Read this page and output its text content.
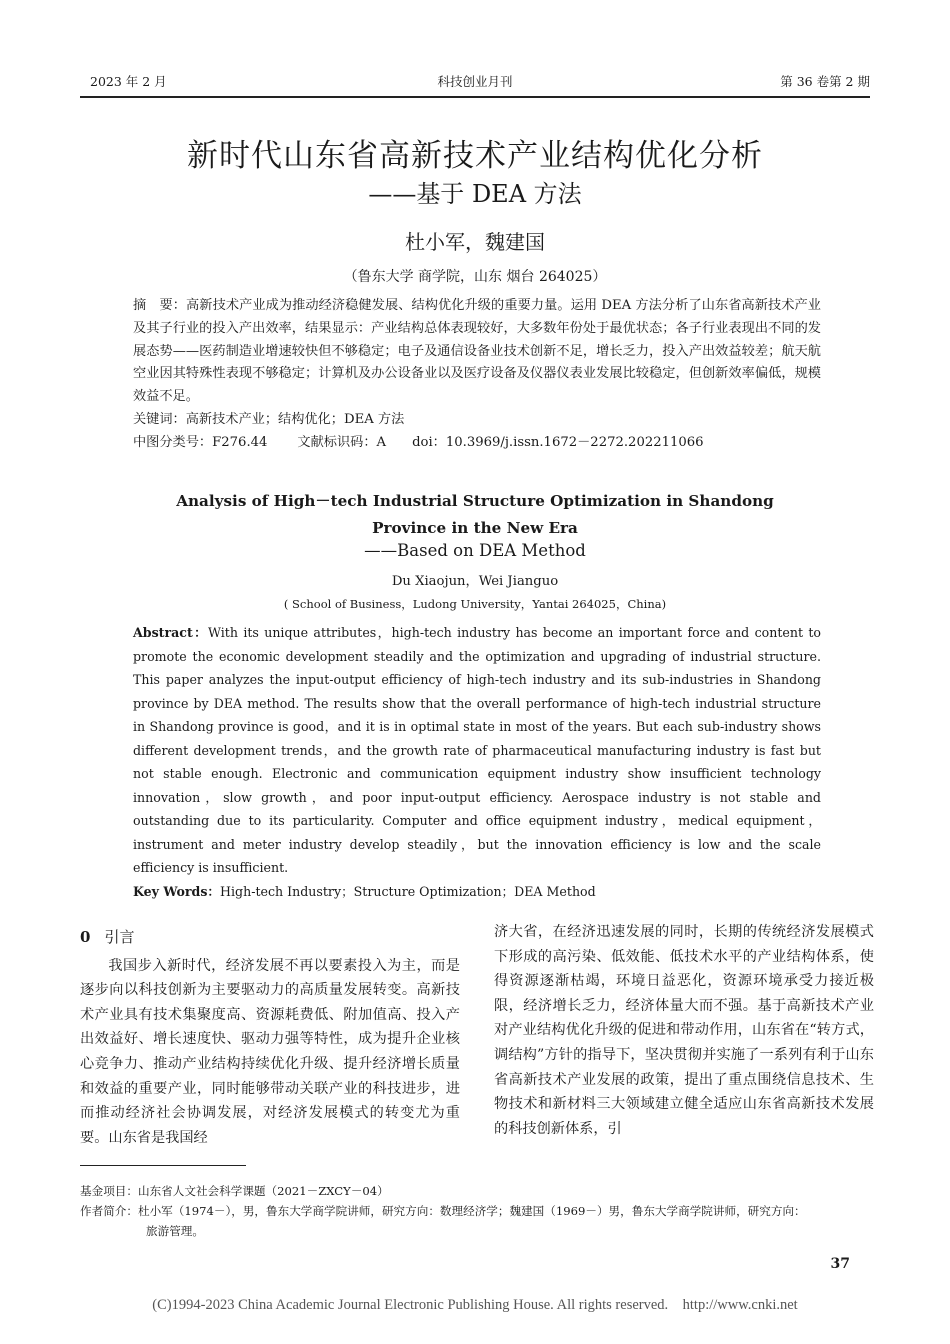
2023 年 2 月	科技创业月刊	第 36 卷第 2 期
新时代山东省高新技术产业结构优化分析
——基于 DEA 方法
杜小军，魏建国
（鲁东大学 商学院，山东 烟台 264025）

摘　要：高新技术产业成为推动经济稳健发展、结构优化升级的重要力量。运用 DEA 方法分析了山东省高新技术产业及其子行业的投入产出效率，结果显示：产业结构总体表现较好，大多数年份处于最优状态；各子行业表现出不同的发展态势——医药制造业增速较快但不够稳定；电子及通信设备业技术创新不足，增长乏力，投入产出效益较差；航天航空业因其特殊性表现不够稳定；计算机及办公设备业以及医疗设备及仪器仪表业发展比较稳定，但创新效率偏低，规模效益不足。

关键词：高新技术产业；结构优化；DEA 方法

中图分类号：F276.44 文献标识码：A doi：10.3969/j.issn.1672－2272.202211066

Analysis of High－tech Industrial Structure Optimization in Shandong
Province in the New Era
——Based on DEA Method
Du Xiaojun，Wei Jianguo
( School of Business，Ludong University，Yantai 264025，China)

Abstract：With its unique attributes，high-tech industry has become an important force and content to promote the economic development steadily and the optimization and upgrading of industrial structure. This paper analyzes the input-output efficiency of high-tech industry and its sub-industries in Shandong province by DEA method. The results show that the overall performance of high-tech industrial structure in Shandong province is good，and it is in optimal state in most of the years. But each sub-industry shows different development trends，and the growth rate of pharmaceutical manufacturing industry is fast but not stable enough. Electronic and communication equipment industry show insufficient technology innovation，slow growth，and poor input-output efficiency. Aerospace industry is not stable and outstanding due to its particularity. Computer and office equipment industry，medical equipment，instrument and meter industry develop steadily，but the innovation efficiency is low and the scale efficiency is insufficient.

Key Words：High-tech Industry；Structure Optimization；DEA Method

0 引言

我国步入新时代，经济发展不再以要素投入为主，而是逐步向以科技创新为主要驱动力的高质量发展转变。高新技术产业具有技术集聚度高、资源耗费低、附加值高、投入产出效益好、增长速度快、驱动力强等特性，成为提升企业核心竞争力、推动产业结构持续优化升级、提升经济增长质量和效益的重要产业，同时能够带动关联产业的科技进步，进而推动经济社会协调发展，对经济发展模式的转变尤为重要。山东省是我国经

济大省，在经济迅速发展的同时，长期的传统经济发展模式下形成的高污染、低效能、低技术水平的产业结构体系，使得资源逐渐枯竭，环境日益恶化，资源环境承受力接近极限，经济增长乏力，经济体量大而不强。基于高新技术产业对产业结构优化升级的促进和带动作用，山东省在“转方式，调结构”方针的指导下，坚决贯彻并实施了一系列有利于山东省高新技术产业发展的政策，提出了重点围绕信息技术、生物技术和新材料三大领域建立健全适应山东省高新技术发展的科技创新体系，引

基金项目：山东省人文社会科学课题（2021－ZXCY－04）

作者简介：杜小军（1974－），男，鲁东大学商学院讲师，研究方向：数理经济学；魏建国（1969－）男，鲁东大学商学院讲师，研究方向：

旅游管理。

37
(C)1994-2023 China Academic Journal Electronic Publishing House. All rights reserved.    http://www.cnki.net
